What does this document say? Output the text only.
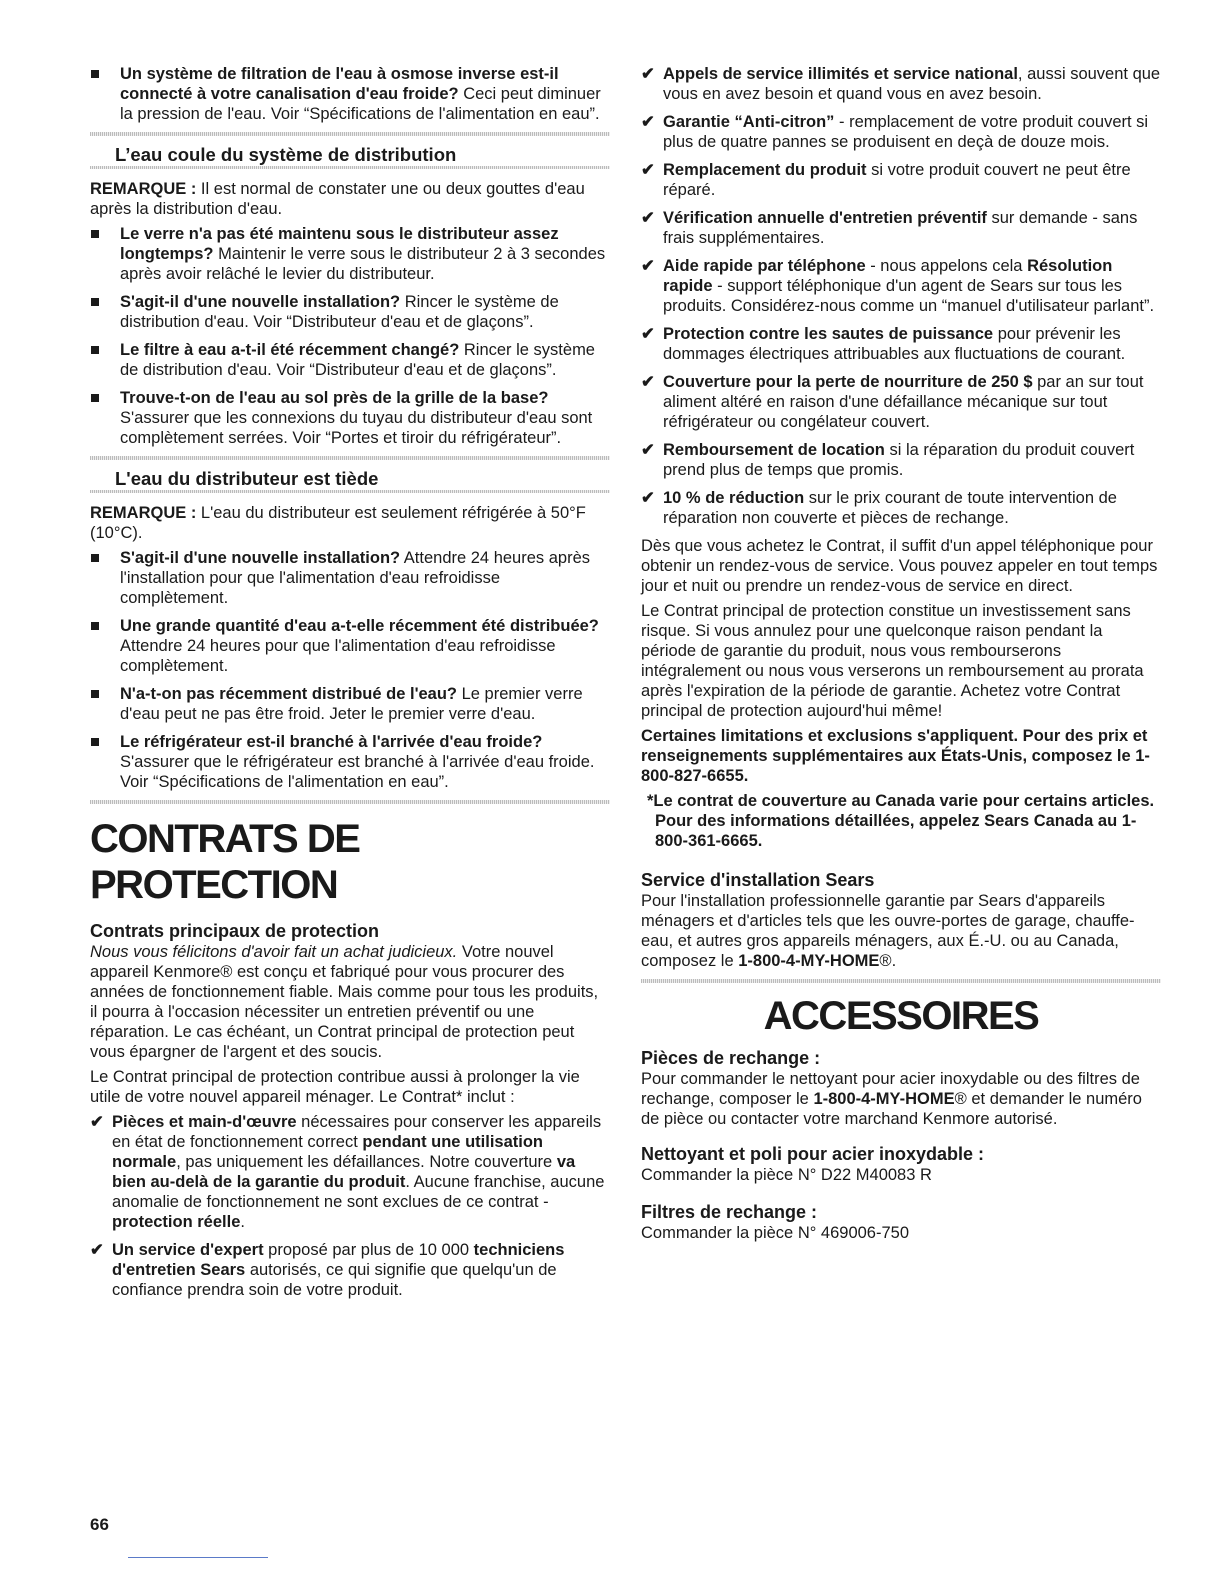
Un système de filtration de l'eau à osmose inverse est-il connecté à votre canalisation d'eau froide? Ceci peut diminuer la pression de l'eau. Voir “Spécifications de l'alimentation en eau”.

L’eau coule du système de distribution

REMARQUE : Il est normal de constater une ou deux gouttes d'eau après la distribution d'eau.

Le verre n'a pas été maintenu sous le distributeur assez longtemps? Maintenir le verre sous le distributeur 2 à 3 secondes après avoir relâché le levier du distributeur.

S'agit-il d'une nouvelle installation? Rincer le système de distribution d'eau. Voir “Distributeur d'eau et de glaçons”.

Le filtre à eau a-t-il été récemment changé? Rincer le système de distribution d'eau. Voir “Distributeur d'eau et de glaçons”.

Trouve-t-on de l'eau au sol près de la grille de la base? S'assurer que les connexions du tuyau du distributeur d'eau sont complètement serrées. Voir “Portes et tiroir du réfrigérateur”.

L'eau du distributeur est tiède

REMARQUE : L'eau du distributeur est seulement réfrigérée à 50°F (10°C).

S'agit-il d'une nouvelle installation? Attendre 24 heures après l'installation pour que l'alimentation d'eau refroidisse complètement.

Une grande quantité d'eau a-t-elle récemment été distribuée? Attendre 24 heures pour que l'alimentation d'eau refroidisse complètement.

N'a-t-on pas récemment distribué de l'eau? Le premier verre d'eau peut ne pas être froid. Jeter le premier verre d'eau.

Le réfrigérateur est-il branché à l'arrivée d'eau froide? S'assurer que le réfrigérateur est branché à l'arrivée d'eau froide. Voir “Spécifications de l'alimentation en eau”.

CONTRATS DE PROTECTION
Contrats principaux de protection

Nous vous félicitons d'avoir fait un achat judicieux. Votre nouvel appareil Kenmore® est conçu et fabriqué pour vous procurer des années de fonctionnement fiable. Mais comme pour tous les produits, il pourra à l'occasion nécessiter un entretien préventif ou une réparation. Le cas échéant, un Contrat principal de protection peut vous épargner de l'argent et des soucis.

Le Contrat principal de protection contribue aussi à prolonger la vie utile de votre nouvel appareil ménager. Le Contrat* inclut :

✔ Pièces et main-d'œuvre nécessaires pour conserver les appareils en état de fonctionnement correct pendant une utilisation normale, pas uniquement les défaillances. Notre couverture va bien au-delà de la garantie du produit. Aucune franchise, aucune anomalie de fonctionnement ne sont exclues de ce contrat - protection réelle.

✔ Un service d'expert proposé par plus de 10 000 techniciens d'entretien Sears autorisés, ce qui signifie que quelqu'un de confiance prendra soin de votre produit.

✔ Appels de service illimités et service national, aussi souvent que vous en avez besoin et quand vous en avez besoin.

✔ Garantie “Anti-citron” - remplacement de votre produit couvert si plus de quatre pannes se produisent en deçà de douze mois.

✔ Remplacement du produit si votre produit couvert ne peut être réparé.

✔ Vérification annuelle d'entretien préventif sur demande - sans frais supplémentaires.

✔ Aide rapide par téléphone - nous appelons cela Résolution rapide - support téléphonique d'un agent de Sears sur tous les produits. Considérez-nous comme un “manuel d'utilisateur parlant”.

✔ Protection contre les sautes de puissance pour prévenir les dommages électriques attribuables aux fluctuations de courant.

✔ Couverture pour la perte de nourriture de 250 $ par an sur tout aliment altéré en raison d'une défaillance mécanique sur tout réfrigérateur ou congélateur couvert.

✔ Remboursement de location si la réparation du produit couvert prend plus de temps que promis.

✔ 10 % de réduction sur le prix courant de toute intervention de réparation non couverte et pièces de rechange.

Dès que vous achetez le Contrat, il suffit d'un appel téléphonique pour obtenir un rendez-vous de service. Vous pouvez appeler en tout temps jour et nuit ou prendre un rendez-vous de service en direct.

Le Contrat principal de protection constitue un investissement sans risque. Si vous annulez pour une quelconque raison pendant la période de garantie du produit, nous vous rembourserons intégralement ou nous vous verserons un remboursement au prorata après l'expiration de la période de garantie. Achetez votre Contrat principal de protection aujourd'hui même!

Certaines limitations et exclusions s'appliquent. Pour des prix et renseignements supplémentaires aux États-Unis, composez le 1-800-827-6655.

*Le contrat de couverture au Canada varie pour certains articles. Pour des informations détaillées, appelez Sears Canada au 1-800-361-6665.

Service d'installation Sears

Pour l'installation professionnelle garantie par Sears d'appareils ménagers et d'articles tels que les ouvre-portes de garage, chauffe-eau, et autres gros appareils ménagers, aux É.-U. ou au Canada, composez le 1-800-4-MY-HOME®.

ACCESSOIRES
Pièces de rechange :

Pour commander le nettoyant pour acier inoxydable ou des filtres de rechange, composer le 1-800-4-MY-HOME® et demander le numéro de pièce ou contacter votre marchand Kenmore autorisé.

Nettoyant et poli pour acier inoxydable :

Commander la pièce N° D22 M40083 R

Filtres de rechange :

Commander la pièce N° 469006-750

66
